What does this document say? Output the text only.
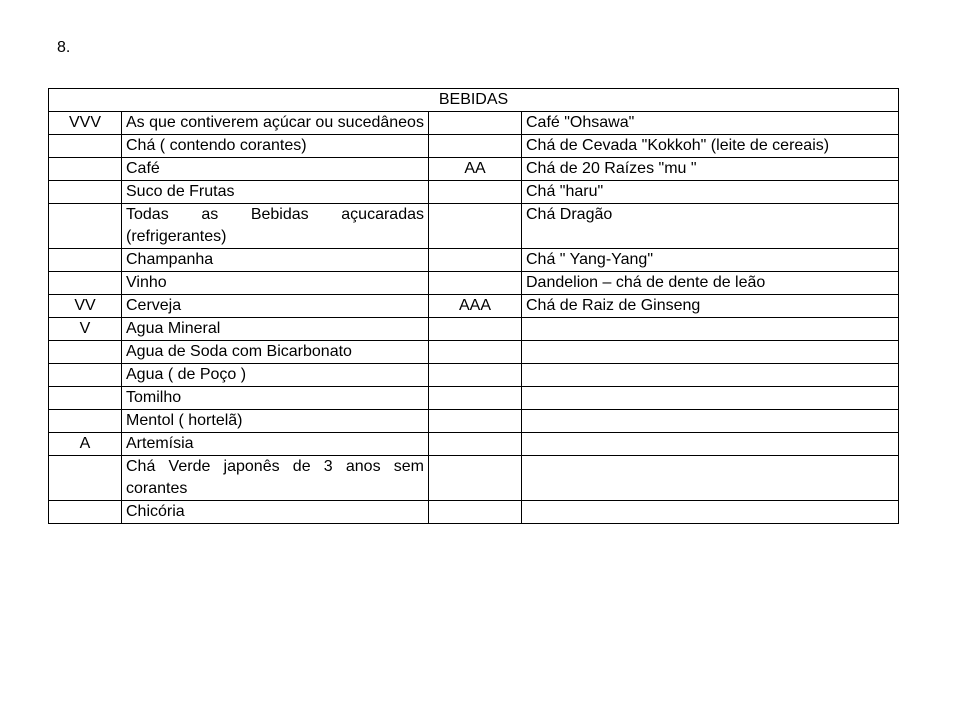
8.
BEBIDAS			
VVV	As que contiverem açúcar ou sucedâneos		Café "Ohsawa"
	Chá ( contendo corantes)		Chá de Cevada "Kokkoh" (leite de cereais)
	Café	AA	Chá de 20 Raízes "mu "
	Suco de Frutas		Chá "haru"
	Todas as Bebidas açucaradas (refrigerantes)		Chá Dragão
	Champanha		Chá " Yang-Yang"
	Vinho		Dandelion – chá de dente de leão
VV	Cerveja	AAA	Chá de Raiz de Ginseng
V	Agua Mineral		
	Agua de Soda com Bicarbonato		
	Agua ( de Poço )		
	Tomilho		
	Mentol ( hortelã)		
A	Artemísia		
	Chá Verde japonês de 3 anos sem corantes		
	Chicória		
